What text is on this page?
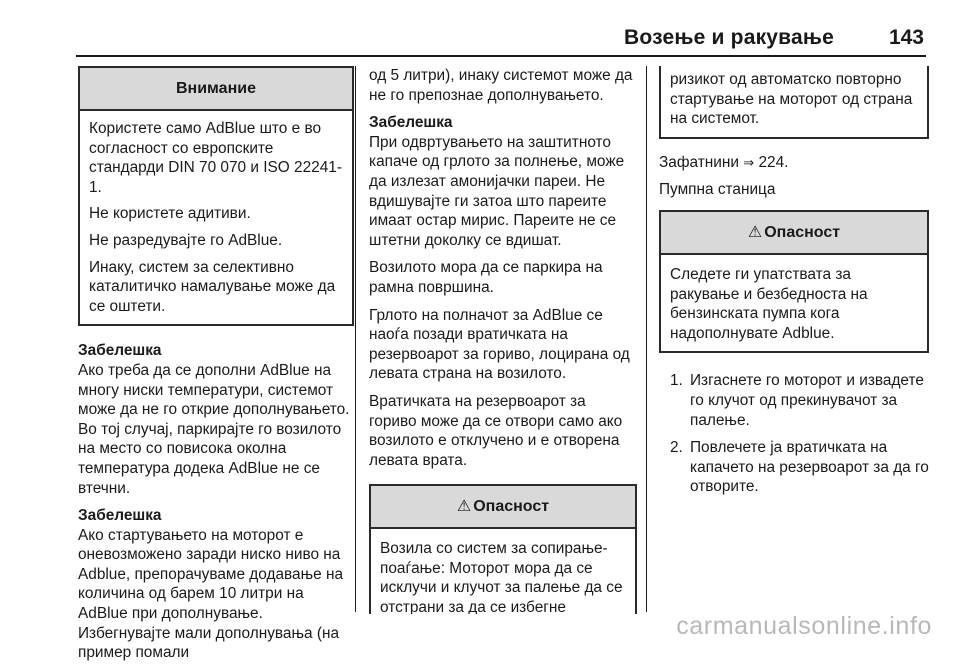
Возење и ракување	143
Внимание

Користете само AdBlue што е во согласност со европските стандарди DIN 70 070 и ISO 22241-1.

Не користете адитиви.

Не разредувајте го AdBlue.

Инаку, систем за селективно каталитичко намалување може да се оштети.

Забелешка
Ако треба да се дополни AdBlue на многу ниски температури, системот може да не го открие дополнувањето. Во тој случај, паркирајте го возилото на место со повисока околна температура додека AdBlue не се втечни.

Забелешка
Ако стартувањето на моторот е оневозможено заради ниско ниво на Adblue, препорачуваме додавање на количина од барем 10 литри на AdBlue при дополнување. Избегнувајте мали дополнувања (на пример помали

од 5 литри), инаку системот може да не го препознае дополнувањето.

Забелешка
При одвртувањето на заштитното капаче од грлото за полнење, може да излезат амонијачки пареи. Не вдишувајте ги затоа што пареите имаат остар мирис. Пареите не се штетни доколку се вдишат.

Возилото мора да се паркира на рамна површина.

Грлото на полначот за AdBlue се наоѓа позади вратичката на резервоарот за гориво, лоцирана од левата страна на возилото.

Вратичката на резервоарот за гориво може да се отвори само ако возилото е отклучено и е отворена левата врата.

⚠ Опасност

Возила со систем за сопирање-поаѓање: Моторот мора да се исклучи и клучот за палење да се отстрани за да се избегне

ризикот од автоматско повторно стартување на моторот од страна на системот.

Зафатнини ⇒ 224.

Пумпна станица

⚠ Опасност

Следете ги упатствата за ракување и безбедноста на бензинската пумпа кога надополнувате Adblue.

1. Изгаснете го моторот и извадете го клучот од прекинувачот за палење.
2. Повлечете ја вратичката на капачето на резервоарот за да го отворите.
carmanualsonline.info
